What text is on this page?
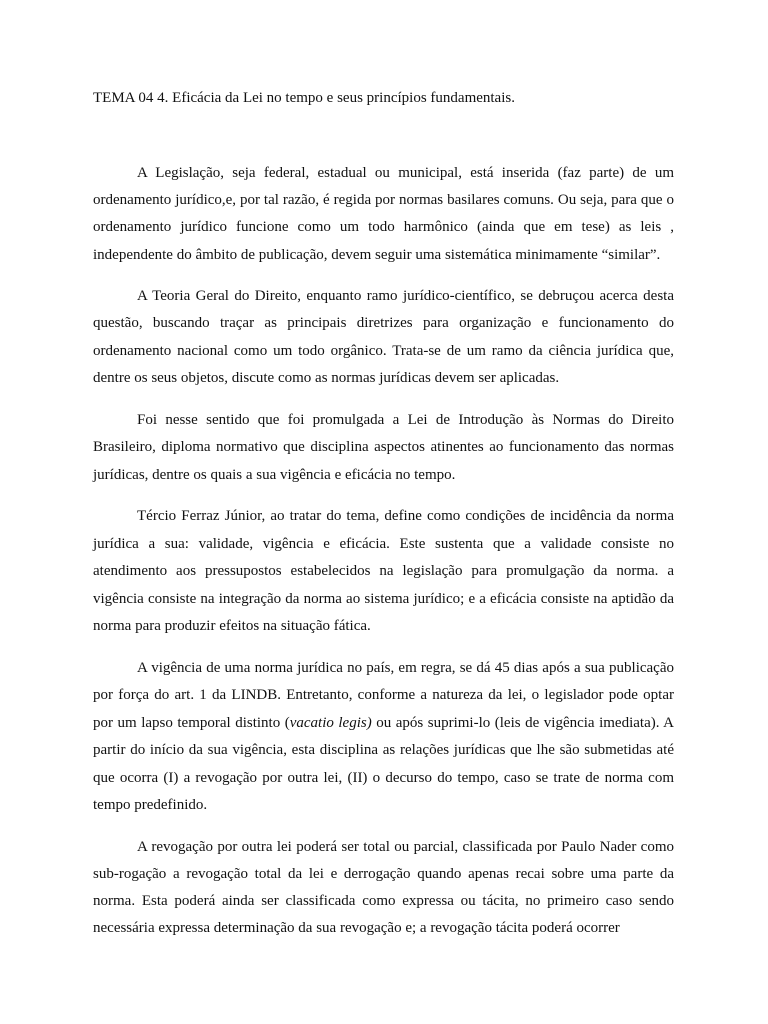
TEMA 04 4. Eficácia da Lei no tempo e seus princípios fundamentais.

A Legislação, seja federal, estadual ou municipal, está inserida (faz parte) de um ordenamento jurídico,e, por tal razão, é regida por normas basilares comuns. Ou seja, para que o ordenamento jurídico funcione como um todo harmônico (ainda que em tese) as leis , independente do âmbito de publicação, devem seguir uma sistemática minimamente “similar”.

A Teoria Geral do Direito, enquanto ramo jurídico-científico, se debruçou acerca desta questão, buscando traçar as principais diretrizes para organização e funcionamento do ordenamento nacional como um todo orgânico. Trata-se de um ramo da ciência jurídica que, dentre os seus objetos, discute como as normas jurídicas devem ser aplicadas.

Foi nesse sentido que foi promulgada a Lei de Introdução às Normas do Direito Brasileiro, diploma normativo que disciplina aspectos atinentes ao funcionamento das normas jurídicas, dentre os quais a sua vigência e eficácia no tempo.

Tércio Ferraz Júnior, ao tratar do tema, define como condições de incidência da norma jurídica a sua: validade, vigência e eficácia. Este sustenta que a validade consiste no atendimento aos pressupostos estabelecidos na legislação para promulgação da norma. a vigência consiste na integração da norma ao sistema jurídico; e a eficácia consiste na aptidão da norma para produzir efeitos na situação fática.

A vigência de uma norma jurídica no país, em regra, se dá 45 dias após a sua publicação por força do art. 1 da LINDB. Entretanto, conforme a natureza da lei, o legislador pode optar por um lapso temporal distinto (vacatio legis) ou após suprimi-lo (leis de vigência imediata). A partir do início da sua vigência, esta disciplina as relações jurídicas que lhe são submetidas até que ocorra (I) a revogação por outra lei, (II) o decurso do tempo, caso se trate de norma com tempo predefinido.

A revogação por outra lei poderá ser total ou parcial, classificada por Paulo Nader como sub-rogação a revogação total da lei e derrogação quando apenas recai sobre uma parte da norma. Esta poderá ainda ser classificada como expressa ou tácita, no primeiro caso sendo necessária expressa determinação da sua revogação e; a revogação tácita poderá ocorrer
